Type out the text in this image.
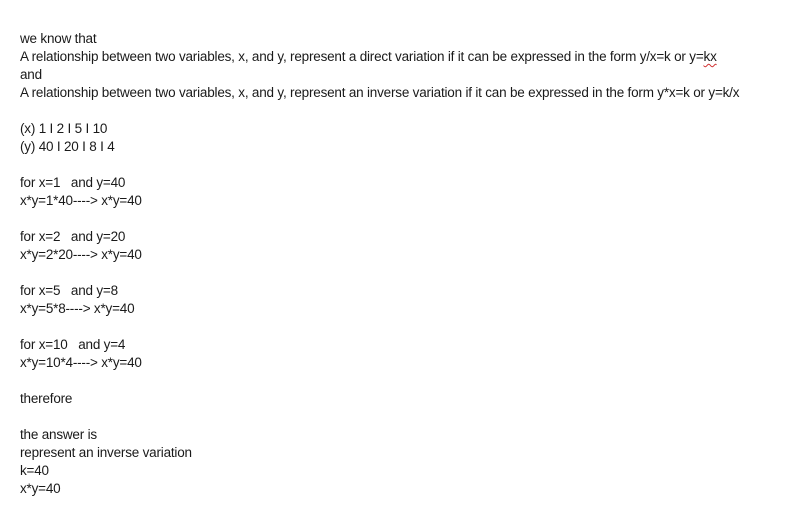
we know that
A relationship between two variables, x, and y, represent a direct variation if it can be expressed in the form y/x=k or y=kx
and
A relationship between two variables, x, and y, represent an inverse variation if it can be expressed in the form y*x=k or y=k/x
(x) 1 I 2 I 5 I 10
(y) 40 I 20 I 8 I 4
for x=1   and y=40
x*y=1*40----> x*y=40
for x=2   and y=20
x*y=2*20----> x*y=40
for x=5   and y=8
x*y=5*8----> x*y=40
for x=10   and y=4
x*y=10*4----> x*y=40
therefore
the answer is
represent an inverse variation
k=40
x*y=40
